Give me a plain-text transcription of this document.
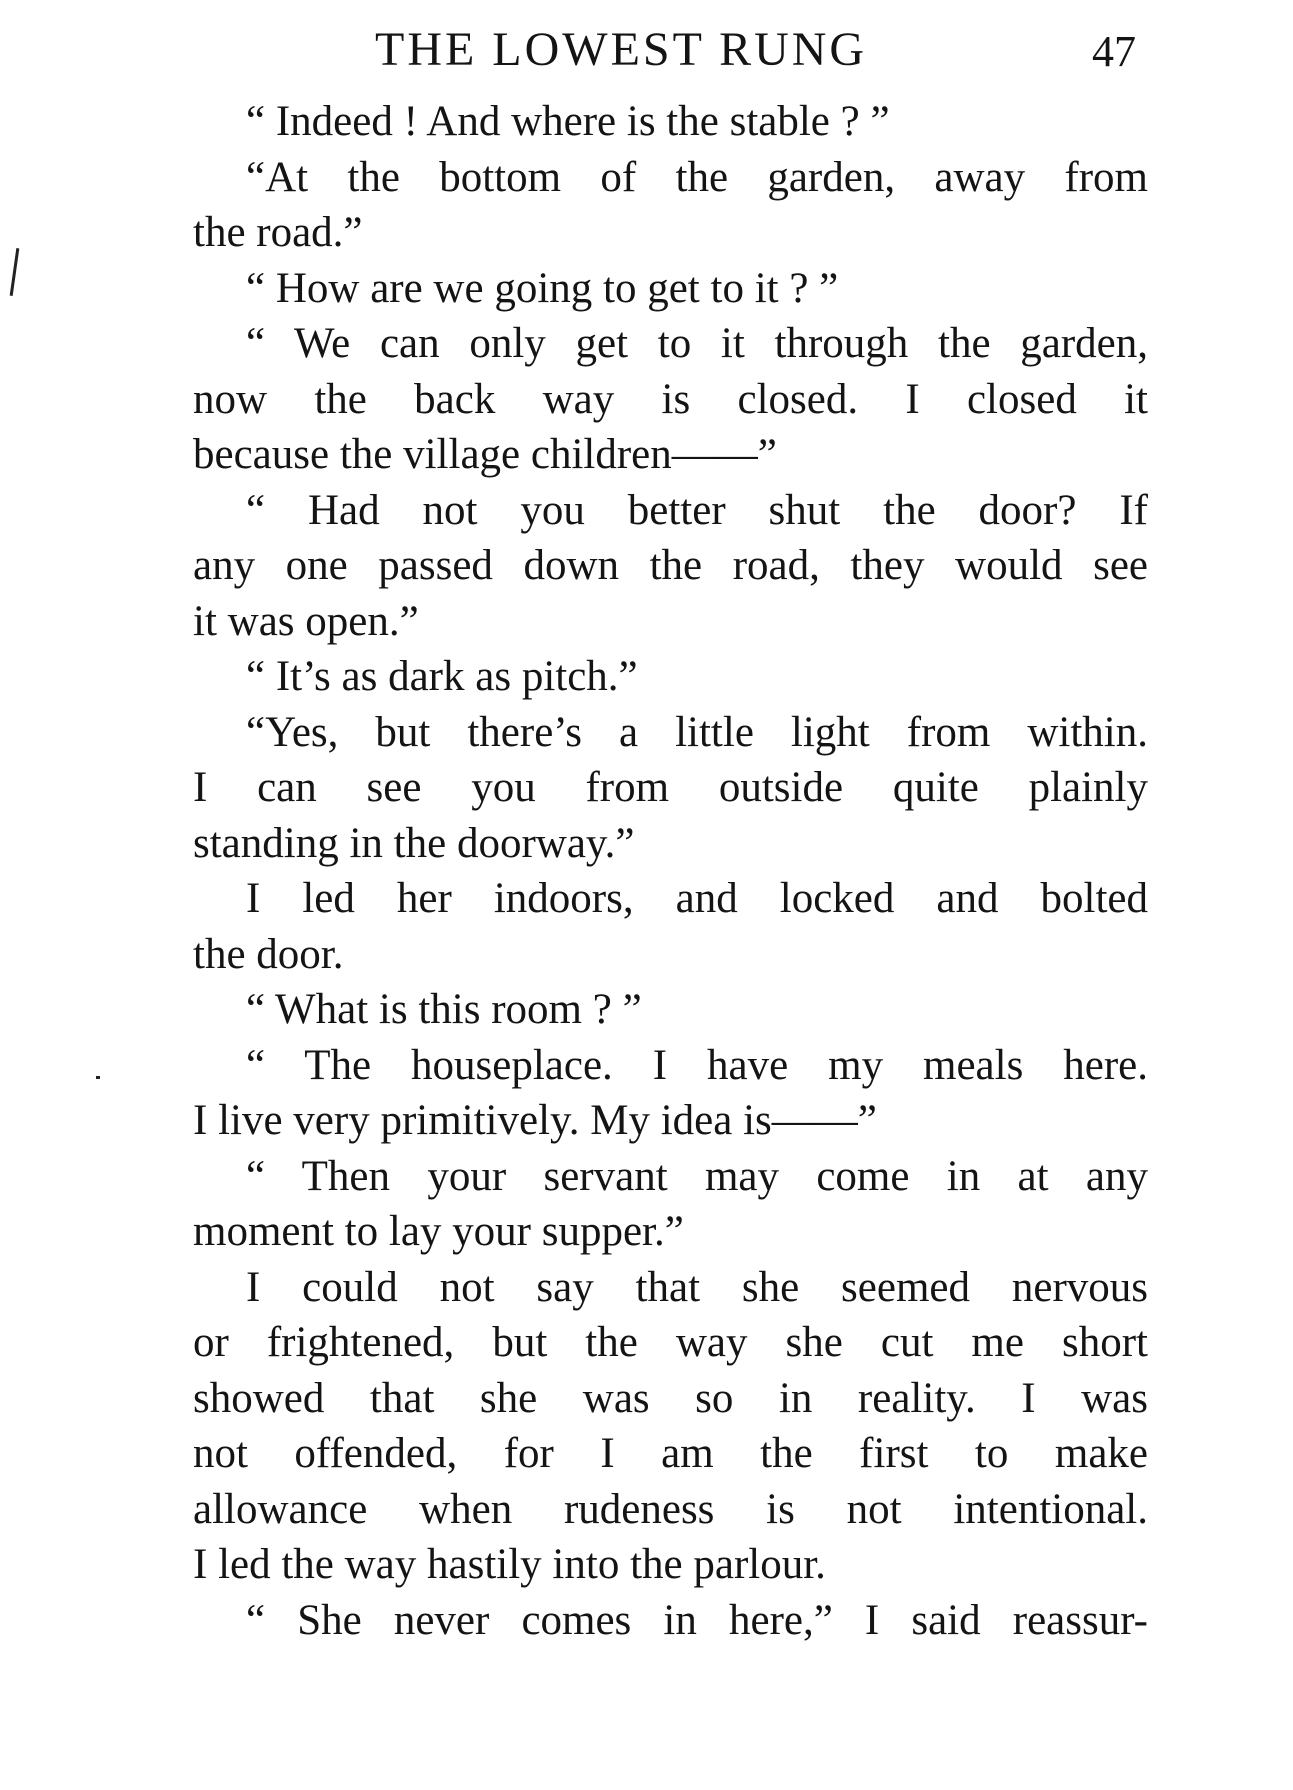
THE LOWEST RUNG	47
“ Indeed ! And where is the stable ? ”
“At the bottom of the garden, away from
the road.”
“ How are we going to get to it ? ”
“ We can only get to it through the garden,
now the back way is closed. I closed it
because the village children——”
“ Had not you better shut the door? If
any one passed down the road, they would see
it was open.”
“ It’s as dark as pitch.”
“Yes, but there’s a little light from within.
I can see you from outside quite plainly
standing in the doorway.”
I led her indoors, and locked and bolted
the door.
“ What is this room ? ”
“ The houseplace. I have my meals here.
I live very primitively. My idea is——”
“ Then your servant may come in at any
moment to lay your supper.”
I could not say that she seemed nervous
or frightened, but the way she cut me short
showed that she was so in reality. I was
not offended, for I am the first to make
allowance when rudeness is not intentional.
I led the way hastily into the parlour.
“ She never comes in here,” I said reassur-
